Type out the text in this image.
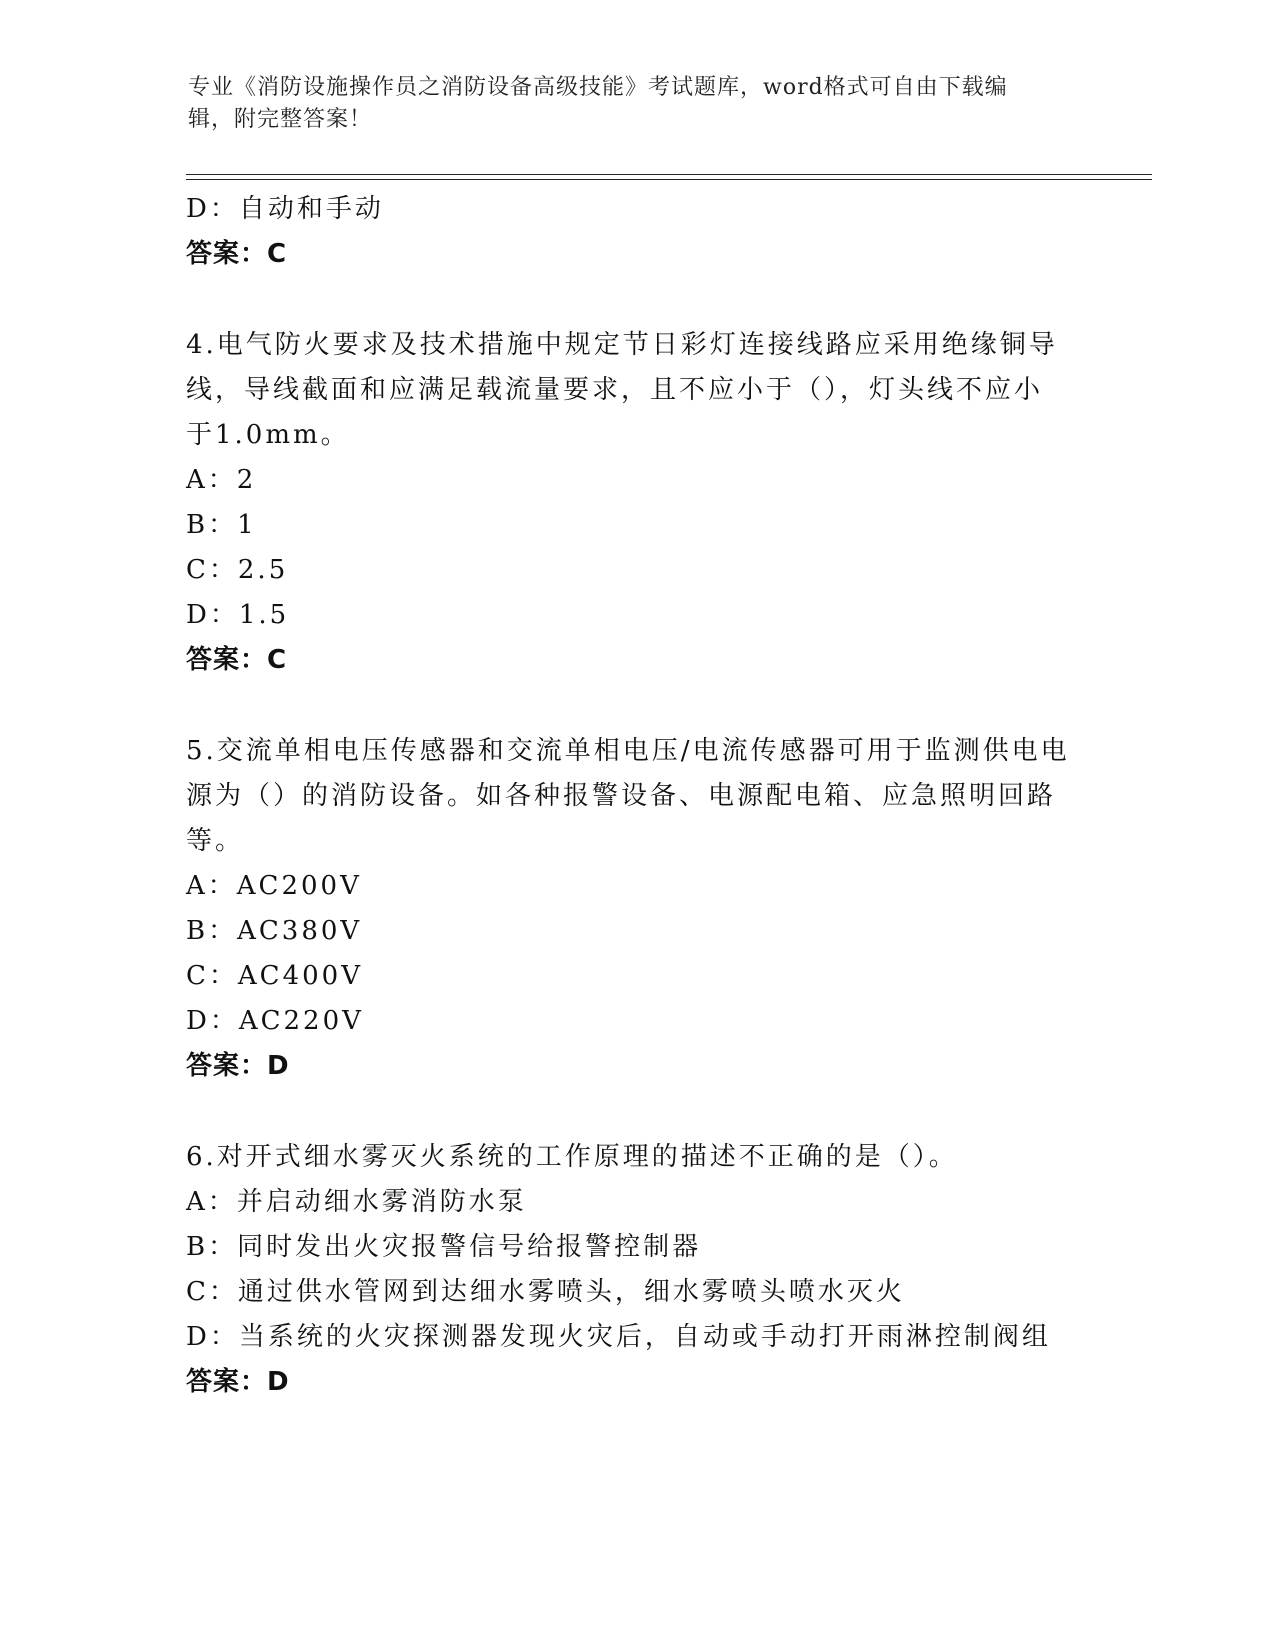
专业《消防设施操作员之消防设备高级技能》考试题库，word格式可自由下载编
辑，附完整答案！
D：自动和手动
答案：C
4.电气防火要求及技术措施中规定节日彩灯连接线路应采用绝缘铜导
线，导线截面和应满足载流量要求，且不应小于（），灯头线不应小
于1.0mm。
A：2
B：1
C：2.5
D：1.5
答案：C
5.交流单相电压传感器和交流单相电压/电流传感器可用于监测供电电
源为（）的消防设备。如各种报警设备、电源配电箱、应急照明回路
等。
A：AC200V
B：AC380V
C：AC400V
D：AC220V
答案：D
6.对开式细水雾灭火系统的工作原理的描述不正确的是（）。
A：并启动细水雾消防水泵
B：同时发出火灾报警信号给报警控制器
C：通过供水管网到达细水雾喷头，细水雾喷头喷水灭火
D：当系统的火灾探测器发现火灾后，自动或手动打开雨淋控制阀组
答案：D
